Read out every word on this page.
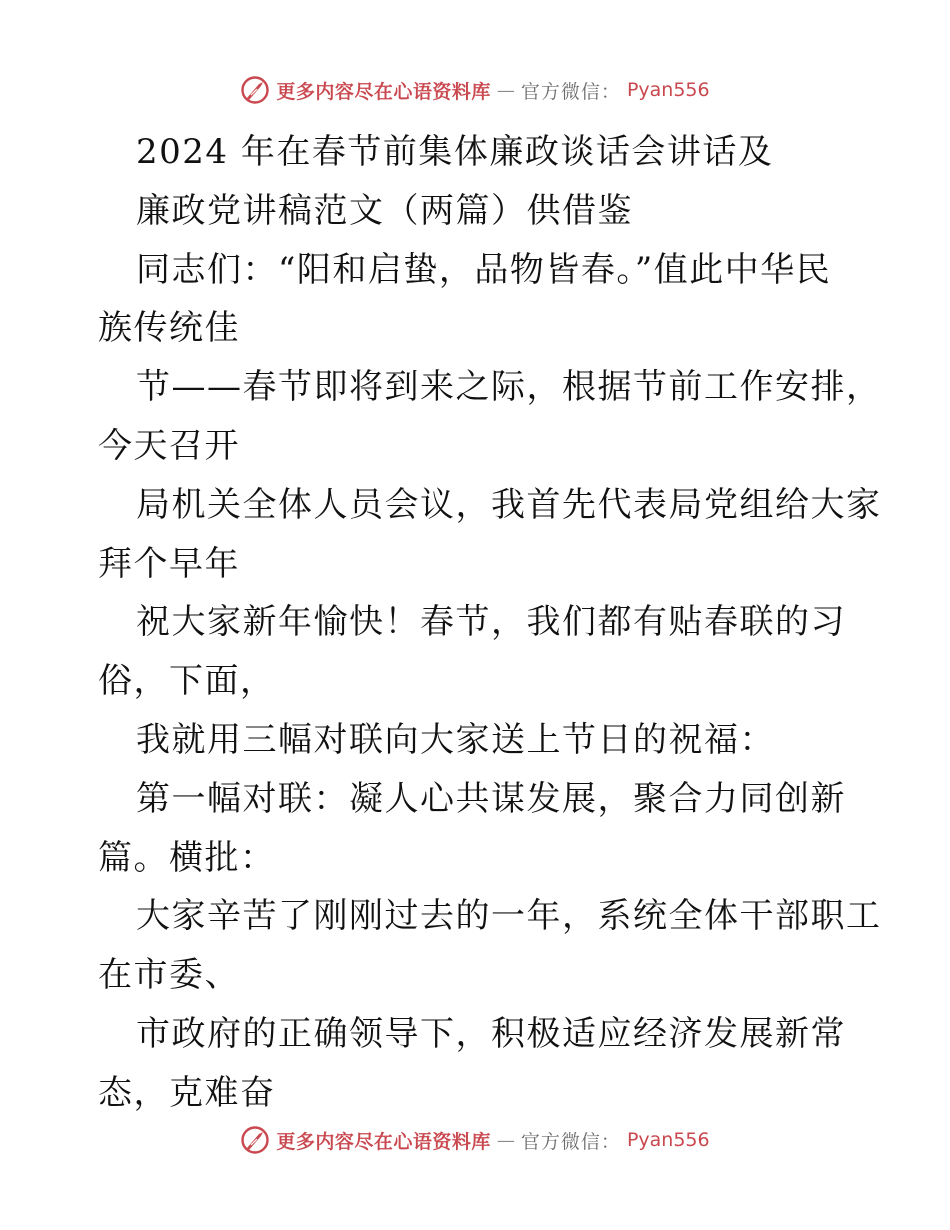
更多内容尽在心语资料库 — 官方微信： Pyan556
2024 年在春节前集体廉政谈话会讲话及
廉政党讲稿范文（两篇）供借鉴
同志们：“阳和启蛰，品物皆春。”值此中华民
族传统佳
节——春节即将到来之际，根据节前工作安排，
今天召开
局机关全体人员会议，我首先代表局党组给大家
拜个早年
祝大家新年愉快！春节，我们都有贴春联的习
俗，下面，
我就用三幅对联向大家送上节日的祝福：
第一幅对联：凝人心共谋发展，聚合力同创新
篇。横批：
大家辛苦了刚刚过去的一年，系统全体干部职工
在市委、
市政府的正确领导下，积极适应经济发展新常
态，克难奋
更多内容尽在心语资料库 — 官方微信： Pyan556
